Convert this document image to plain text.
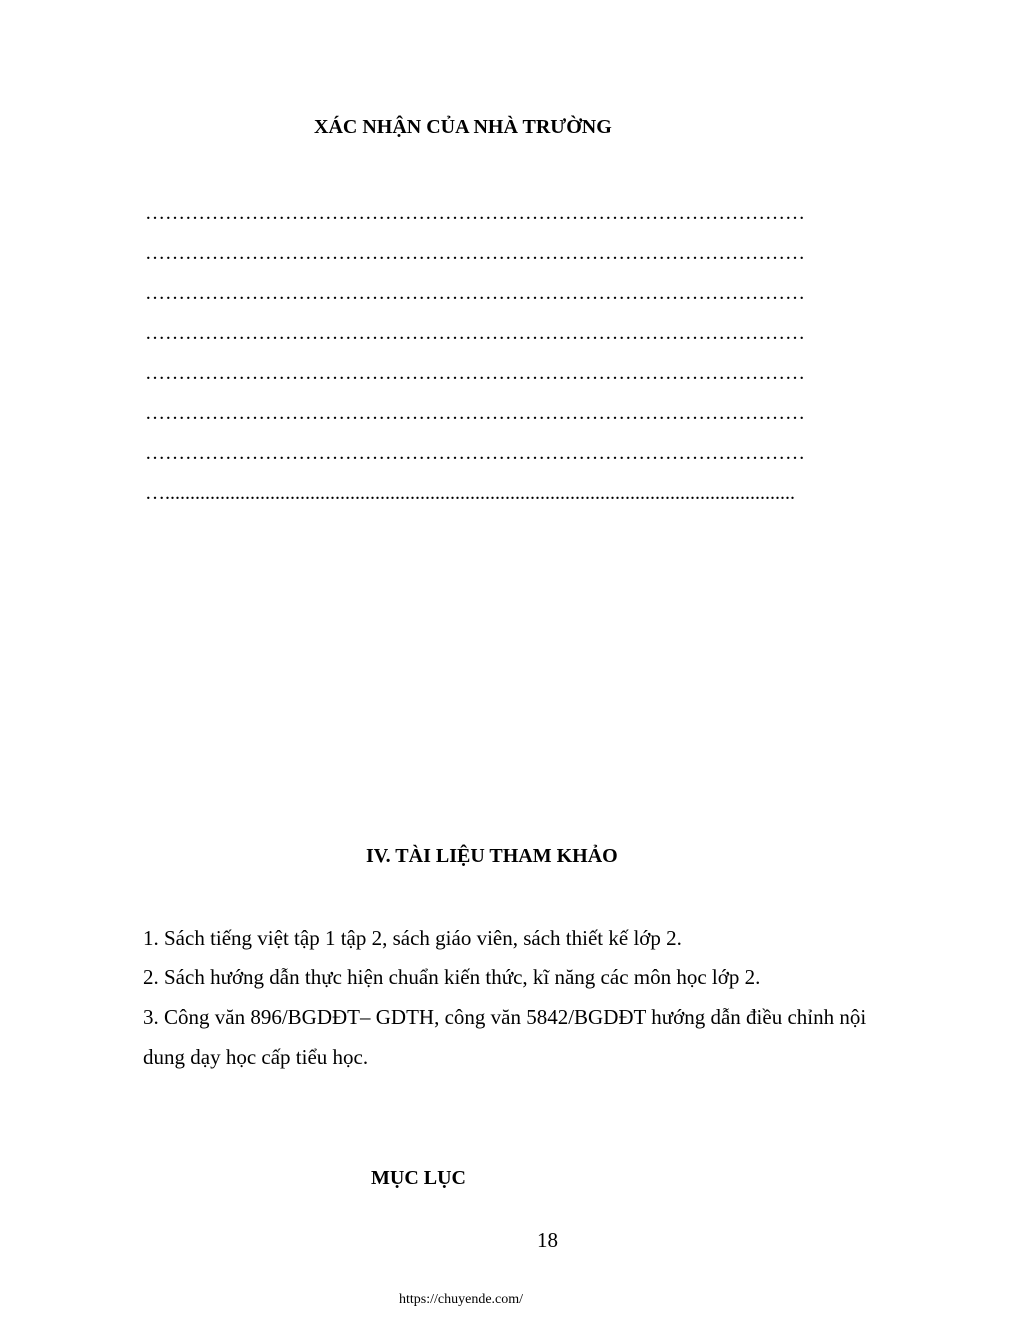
XÁC NHẬN CỦA NHÀ TRƯỜNG
………………………………………………………………………………………
………………………………………………………………………………………
………………………………………………………………………………………
………………………………………………………………………………………
………………………………………………………………………………………
………………………………………………………………………………………
………………………………………………………………………………………
…..............................................................................................................................
IV. TÀI LIỆU THAM KHẢO
1. Sách tiếng việt tập 1 tập 2, sách giáo viên, sách thiết kế lớp 2.
2. Sách hướng dẫn thực hiện chuẩn kiến thức, kĩ năng các môn học lớp 2.
3. Công văn 896/BGDĐT– GDTH, công văn 5842/BGDĐT hướng dẫn điều chỉnh nội
dung dạy học cấp tiểu học.
MỤC LỤC
18
https://chuyende.com/
